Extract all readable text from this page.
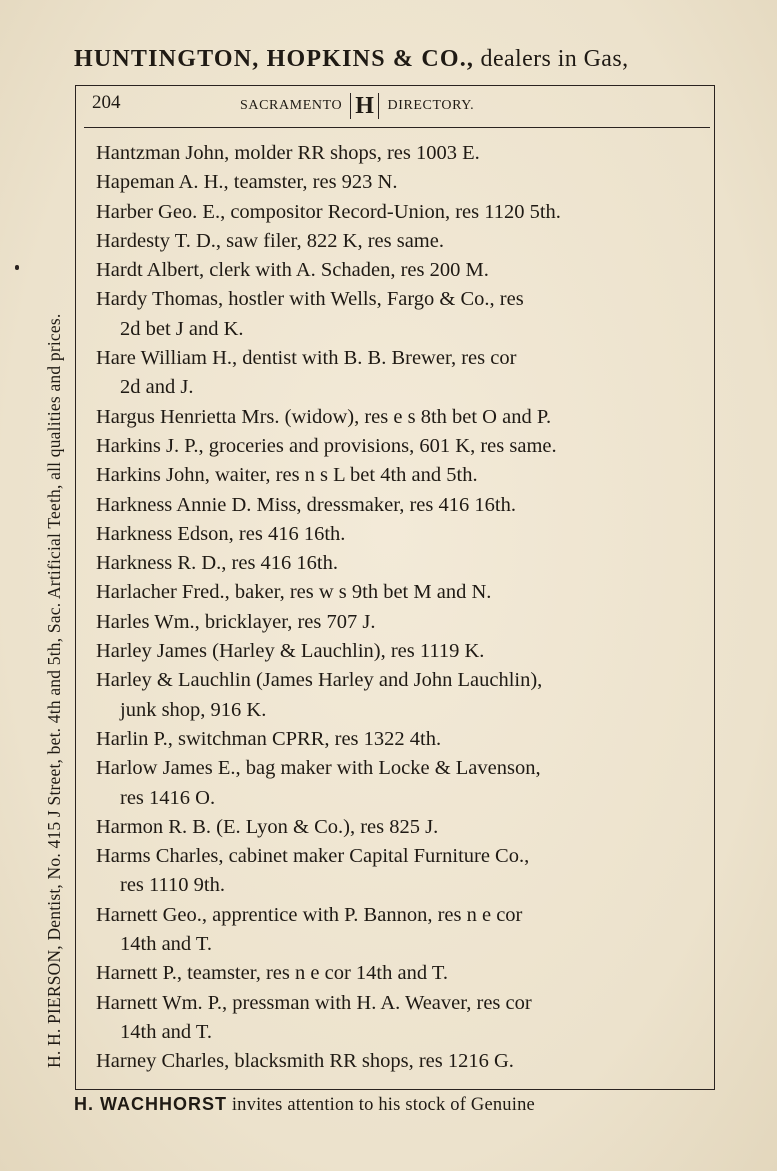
HUNTINGTON, HOPKINS & CO., dealers in Gas,
H. H. PIERSON, Dentist, No. 415 J Street, bet. 4th and 5th, Sac. Artificial Teeth, all qualities and prices.
204	SACRAMENTO H DIRECTORY.
Hantzman John, molder RR shops, res 1003 E.
Hapeman A. H., teamster, res 923 N.
Harber Geo. E., compositor Record-Union, res 1120 5th.
Hardesty T. D., saw filer, 822 K, res same.
Hardt Albert, clerk with A. Schaden, res 200 M.
Hardy Thomas, hostler with Wells, Fargo & Co., res
2d bet J and K.
Hare William H., dentist with B. B. Brewer, res cor
2d and J.
Hargus Henrietta Mrs. (widow), res e s 8th bet O and P.
Harkins J. P., groceries and provisions, 601 K, res same.
Harkins John, waiter, res n s L bet 4th and 5th.
Harkness Annie D. Miss, dressmaker, res 416 16th.
Harkness Edson, res 416 16th.
Harkness R. D., res 416 16th.
Harlacher Fred., baker, res w s 9th bet M and N.
Harles Wm., bricklayer, res 707 J.
Harley James (Harley & Lauchlin), res 1119 K.
Harley & Lauchlin (James Harley and John Lauchlin),
junk shop, 916 K.
Harlin P., switchman CPRR, res 1322 4th.
Harlow James E., bag maker with Locke & Lavenson,
res 1416 O.
Harmon R. B. (E. Lyon & Co.), res 825 J.
Harms Charles, cabinet maker Capital Furniture Co.,
res 1110 9th.
Harnett Geo., apprentice with P. Bannon, res n e cor
14th and T.
Harnett P., teamster, res n e cor 14th and T.
Harnett Wm. P., pressman with H. A. Weaver, res cor
14th and T.
Harney Charles, blacksmith RR shops, res 1216 G.
H. WACHHORST invites attention to his stock of Genuine
